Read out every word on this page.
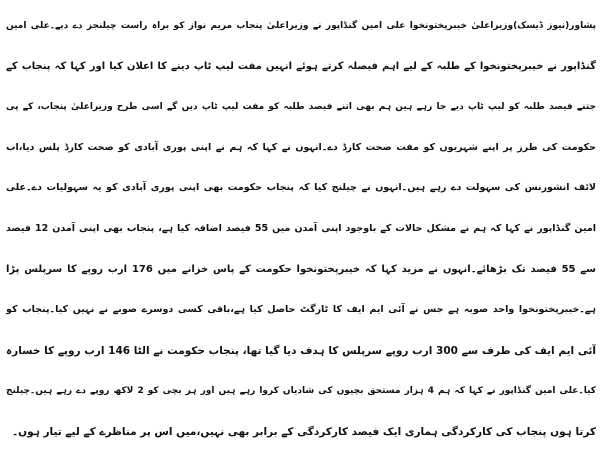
پشاور(نیوز ڈیسک)وزیراعلیٰ خیبرپختونخوا علی امین گنڈاپور نے وزیراعلیٰ پنجاب مریم نواز کو براہ راست چیلنجز دے دیے۔علی امین
گنڈاپور نے خیبرپختونخوا کے طلبہ کے لیے اہم فیصلہ کرتے ہوئے انہیں مفت لیپ ٹاپ دینے کا اعلان کیا اور کہا کہ پنجاب کے
جتنے فیصد طلبہ کو لیپ ٹاپ دیے جا رہے ہیں ہم بھی اتنے فیصد طلبہ کو مفت لیپ ٹاپ دیں گے اسی طرح وزیراعلیٰ پنجاب، کے پی
حکومت کی طرز پر اپنے شہریوں کو مفت صحت کارڈ دے۔انہوں نے کہا کہ ہم نے اپنی پوری آبادی کو صحت کارڈ پلس دیا،اب
لائف انشورنس کی سہولت دے رہے ہیں۔انہوں نے چیلنج کیا کہ پنجاب حکومت بھی اپنی پوری آبادی کو یہ سہولیات دے۔علی
امین گنڈاپور نے کہا کہ ہم نے مشکل حالات کے باوجود اپنی آمدن میں 55 فیصد اضافہ کیا ہے، پنجاب بھی اپنی آمدن 12 فیصد
سے 55 فیصد تک بڑھائے۔انہوں نے مزید کہا کہ خیبرپختونخوا حکومت کے پاس خزانے میں 176 ارب روپے کا سرپلس پڑا
ہے۔خیبرپختونخوا واحد صوبہ ہے جس نے آئی ایم ایف کا ٹارگٹ حاصل کیا ہے،باقی کسی دوسرے صوبے نے نہیں کیا۔پنجاب کو
آئی ایم ایف کی طرف سے 300 ارب روپے سرپلس کا ہدف دیا گیا تھا، پنجاب حکومت نے الٹا 146 ارب روپے کا خسارہ
کیا۔علی امین گنڈاپور نے کہا کہ ہم 4 ہزار مستحق بچیوں کی شادیاں کروا رہے ہیں اور ہر بچی کو 2 لاکھ روپے دے رہے ہیں۔چیلنج
کرتا ہوں پنجاب کی کارکردگی ہماری ایک فیصد کارکردگی کے برابر بھی نہیں،میں اس پر مناظرے کے لیے تیار ہوں۔
